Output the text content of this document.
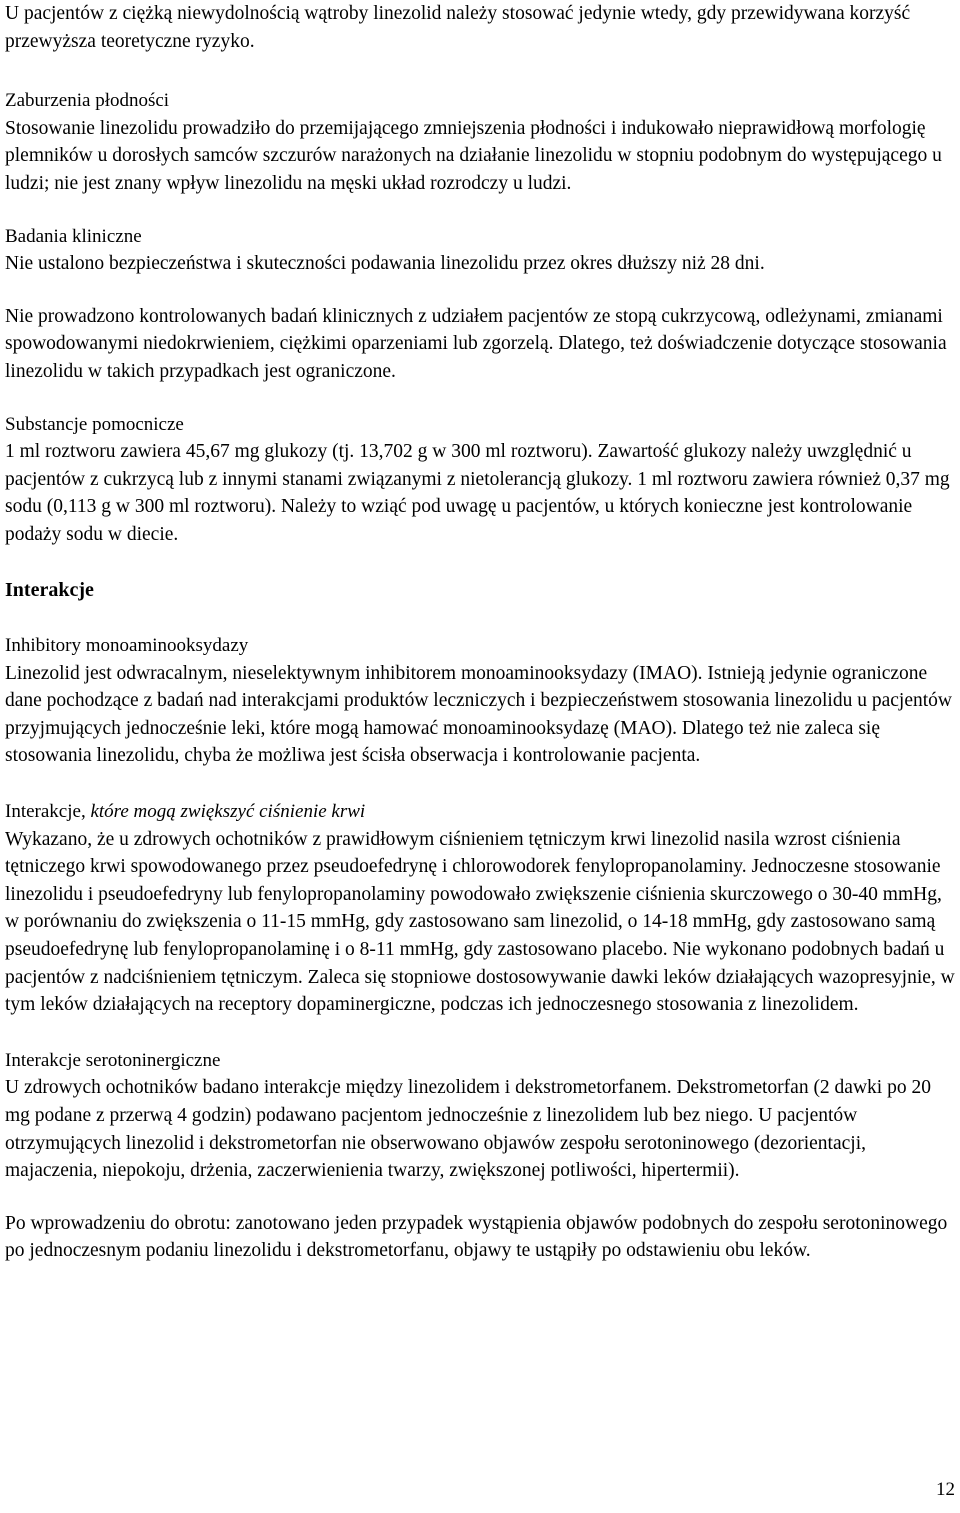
U pacjentów z ciężką niewydolnością wątroby linezolid należy stosować jedynie wtedy, gdy przewidywana korzyść przewyższa teoretyczne ryzyko.

Zaburzenia płodności

Stosowanie linezolidu prowadziło do przemijającego zmniejszenia płodności i indukowało nieprawidłową morfologię plemników u dorosłych samców szczurów narażonych na działanie linezolidu w stopniu podobnym do występującego u ludzi; nie jest znany wpływ linezolidu na męski układ rozrodczy u ludzi.

Badania kliniczne

Nie ustalono bezpieczeństwa i skuteczności podawania linezolidu przez okres dłuższy niż 28 dni.

Nie prowadzono kontrolowanych badań klinicznych z udziałem pacjentów ze stopą cukrzycową, odleżynami, zmianami spowodowanymi niedokrwieniem, ciężkimi oparzeniami lub zgorzelą. Dlatego, też doświadczenie dotyczące stosowania linezolidu w takich przypadkach jest ograniczone.

Substancje pomocnicze

1 ml roztworu zawiera 45,67 mg glukozy (tj. 13,702 g w 300 ml roztworu). Zawartość glukozy należy uwzględnić u pacjentów z cukrzycą lub z innymi stanami związanymi z nietolerancją glukozy. 1 ml roztworu zawiera również 0,37 mg sodu (0,113 g w 300 ml roztworu). Należy to wziąć pod uwagę u pacjentów, u których konieczne jest kontrolowanie podaży sodu w diecie.

Interakcje
Inhibitory monoaminooksydazy

Linezolid jest odwracalnym, nieselektywnym inhibitorem monoaminooksydazy (IMAO). Istnieją jedynie ograniczone dane pochodzące z badań nad interakcjami produktów leczniczych i bezpieczeństwem stosowania linezolidu u pacjentów przyjmujących jednocześnie leki, które mogą hamować monoaminooksydazę (MAO). Dlatego też nie zaleca się stosowania linezolidu, chyba że możliwa jest ścisła obserwacja i kontrolowanie pacjenta.

Interakcje, które mogą zwiększyć ciśnienie krwi

Wykazano, że u zdrowych ochotników z prawidłowym ciśnieniem tętniczym krwi linezolid nasila wzrost ciśnienia tętniczego krwi spowodowanego przez pseudoefedrynę i chlorowodorek fenylopropanolaminy. Jednoczesne stosowanie linezolidu i pseudoefedryny lub fenylopropanolaminy powodowało zwiększenie ciśnienia skurczowego o 30-40 mmHg, w porównaniu do zwiększenia o 11-15 mmHg, gdy zastosowano sam linezolid, o 14-18 mmHg, gdy zastosowano samą pseudoefedrynę lub fenylopropanolaminę i o 8-11 mmHg, gdy zastosowano placebo. Nie wykonano podobnych badań u pacjentów z nadciśnieniem tętniczym. Zaleca się stopniowe dostosowywanie dawki leków działających wazopresyjnie, w tym leków działających na receptory dopaminergiczne, podczas ich jednoczesnego stosowania z linezolidem.

Interakcje serotoninergiczne

U zdrowych ochotników badano interakcje między linezolidem i dekstrometorfanem. Dekstrometorfan (2 dawki po 20 mg podane z przerwą 4 godzin) podawano pacjentom jednocześnie z linezolidem lub bez niego. U pacjentów otrzymujących linezolid i dekstrometorfan nie obserwowano objawów zespołu serotoninowego (dezorientacji, majaczenia, niepokoju, drżenia, zaczerwienienia twarzy, zwiększonej potliwości, hipertermii).

Po wprowadzeniu do obrotu: zanotowano jeden przypadek wystąpienia objawów podobnych do zespołu serotoninowego po jednoczesnym podaniu linezolidu i dekstrometorfanu, objawy te ustąpiły po odstawieniu obu leków.

12
